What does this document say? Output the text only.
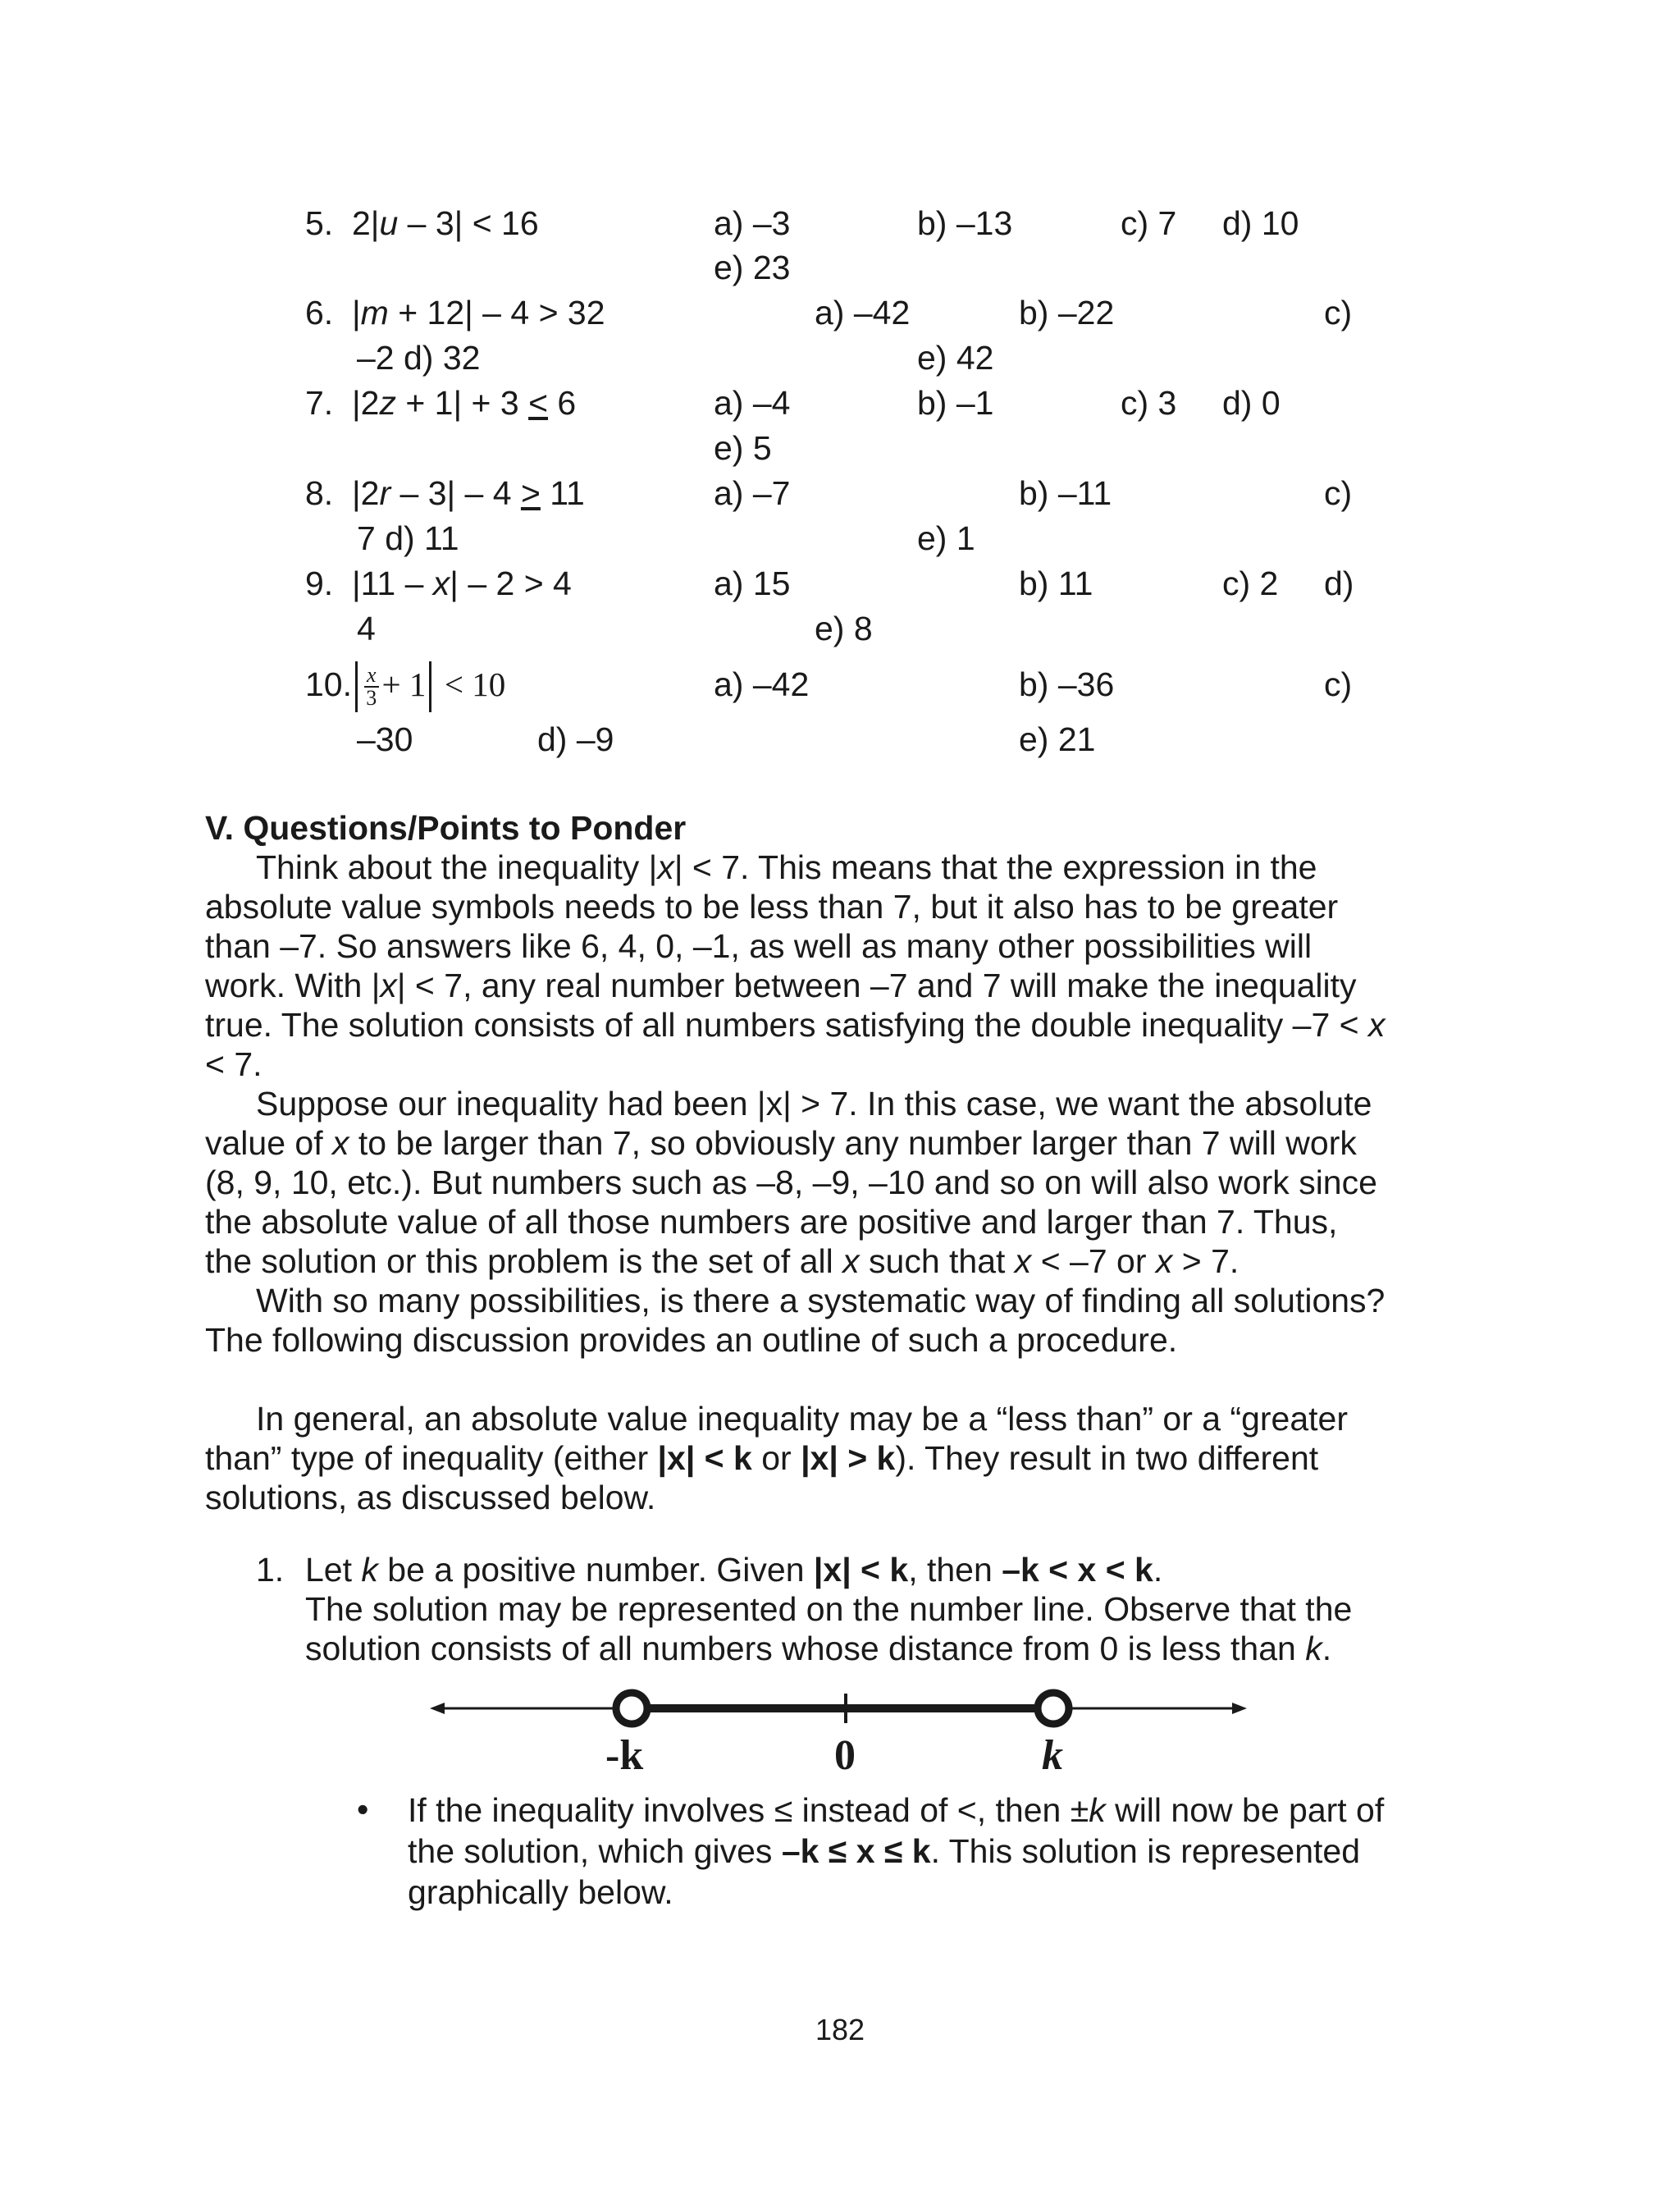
5. 2|u – 3| < 16	a) –3	b) –13	c) 7 d) 10
e) 23
6. |m + 12| – 4 > 32	a) –42	b) –22	c)
–2 d) 32	e) 42
7. |2z + 1| + 3 ≤ 6	a) –4	b) –1	c) 3 d) 0
e) 5
8. |2r – 3| – 4 ≥ 11	a) –7	b) –11	c)
7 d) 11	e) 1
9. |11 – x| – 2 > 4	a) 15	b) 11	c) 2 d)
4	e) 8
10. $\frac{x}{3} + 1 < 10$	a) –42	b) –36	c)
–30	d) –9	e) 21

V. Questions/Points to Ponder

Think about the inequality |x| < 7. This means that the expression in the absolute value symbols needs to be less than 7, but it also has to be greater than –7. So answers like 6, 4, 0, –1, as well as many other possibilities will work. With |x| < 7, any real number between –7 and 7 will make the inequality true. The solution consists of all numbers satisfying the double inequality –7 < x < 7.

Suppose our inequality had been |x| > 7. In this case, we want the absolute value of x to be larger than 7, so obviously any number larger than 7 will work (8, 9, 10, etc.). But numbers such as –8, –9, –10 and so on will also work since the absolute value of all those numbers are positive and larger than 7. Thus, the solution or this problem is the set of all x such that x < –7 or x > 7.

With so many possibilities, is there a systematic way of finding all solutions? The following discussion provides an outline of such a procedure.

In general, an absolute value inequality may be a “less than” or a “greater than” type of inequality (either |x| < k or |x| > k). They result in two different solutions, as discussed below.

1. Let k be a positive number. Given |x| < k, then –k < x < k.
The solution may be represented on the number line. Observe that the solution consists of all numbers whose distance from 0 is less than k.
-k	0	k
• If the inequality involves ≤ instead of <, then ±k will now be part of the solution, which gives –k ≤ x ≤ k. This solution is represented graphically below.
182
